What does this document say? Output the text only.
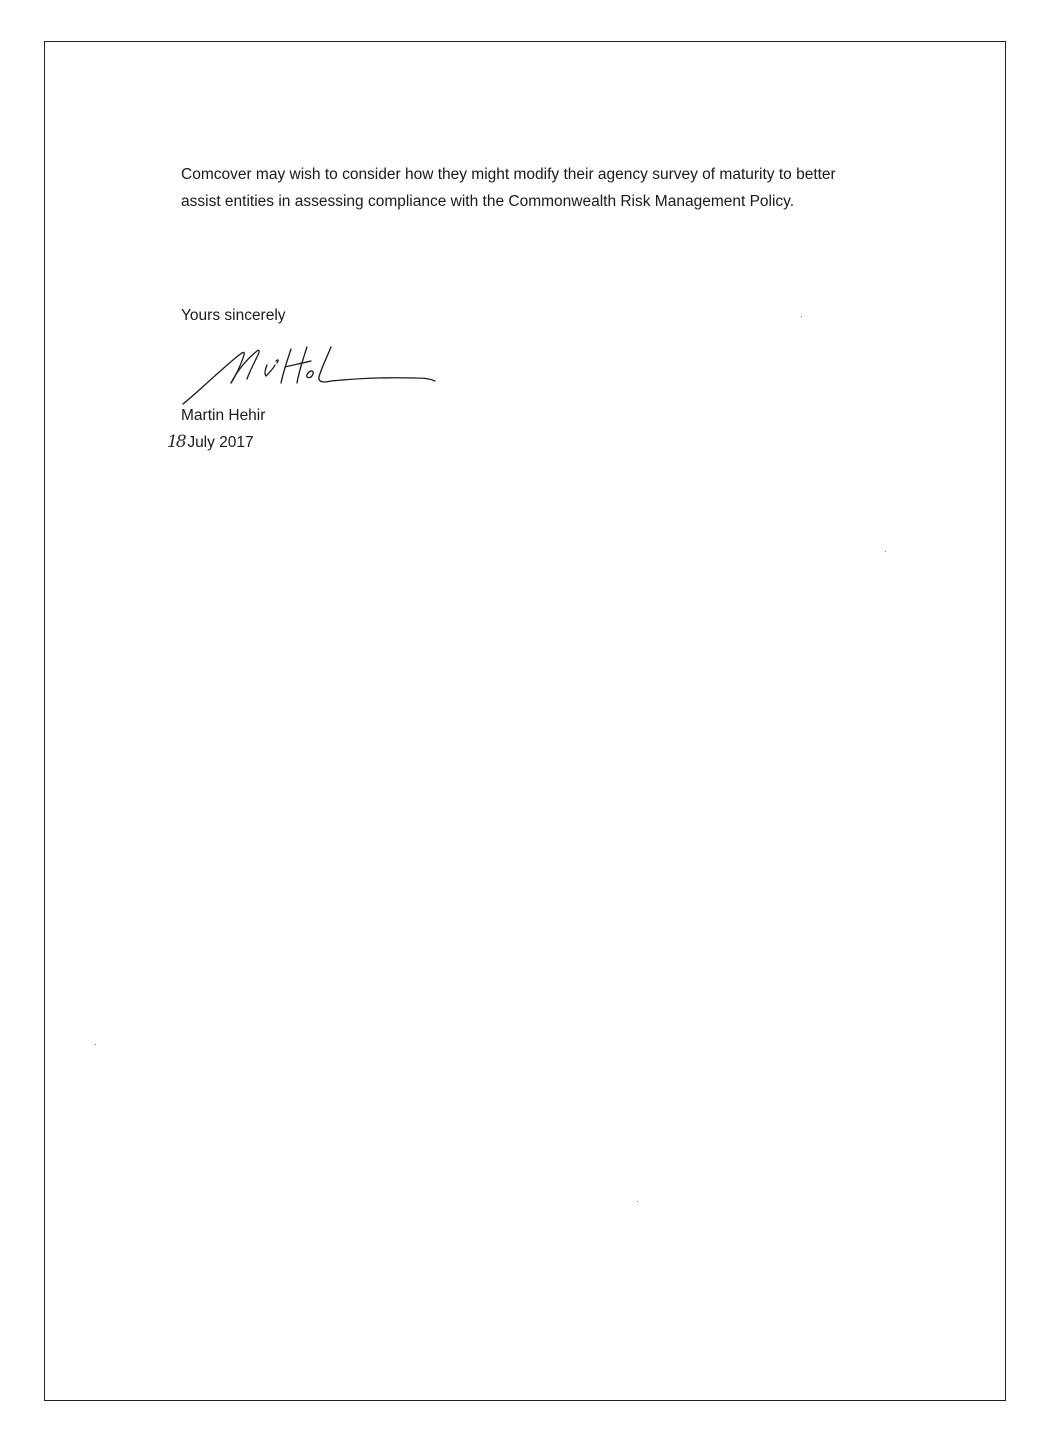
Comcover may wish to consider how they might modify their agency survey of maturity to better assist entities in assessing compliance with the Commonwealth Risk Management Policy.

Yours sincerely
Martin Hehir
18 July 2017
